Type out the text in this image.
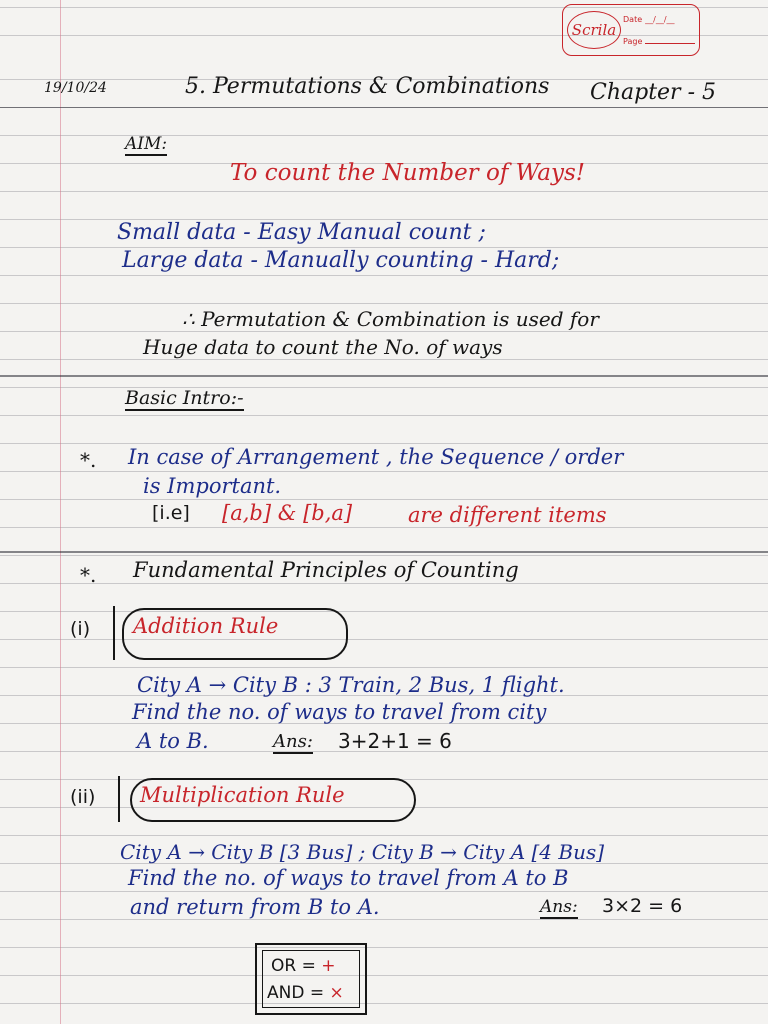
Scrila
Date __/__/__
Page
19/10/24	5. Permutations & Combinations Chapter - 5
AIM:
To count the Number of Ways!
Small data - Easy Manual count ;
Large data - Manually counting - Hard;
∴ Permutation & Combination is used for
Huge data to count the No. of ways
Basic Intro:-
*. In case of Arrangement , the Sequence / order
is Important.
[i.e] [a,b] & [b,a]	are different items
*. Fundamental Principles of Counting
(i) Addition Rule
City A → City B : 3 Train, 2 Bus, 1 flight.
Find the no. of ways to travel from city
A to B.	Ans: 3+2+1 = 6
(ii) Multiplication Rule
City A → City B [3 Bus] ; City B → City A [4 Bus]
Find the no. of ways to travel from A to B
and return from B to A.	Ans: 3×2 = 6
OR = +
AND = ×
